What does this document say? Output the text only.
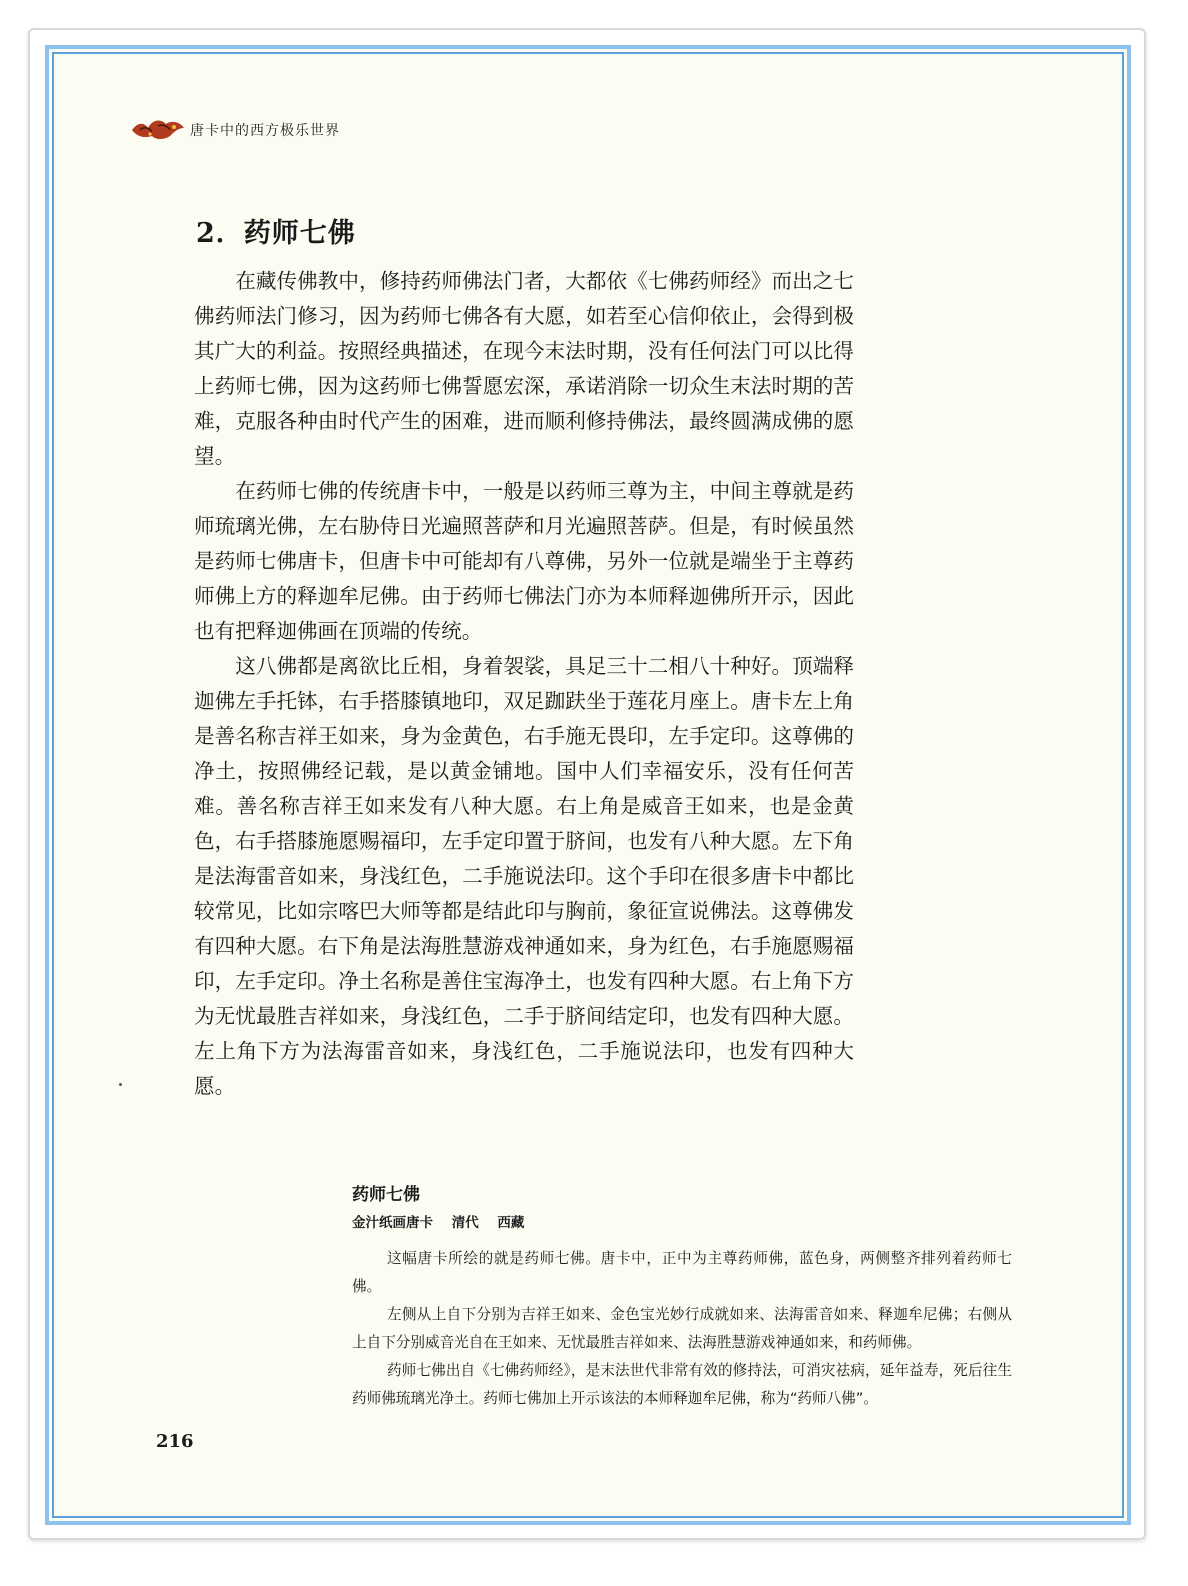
唐卡中的西方极乐世界
2．药师七佛

在藏传佛教中，修持药师佛法门者，大都依《七佛药师经》而出之七佛药师法门修习，因为药师七佛各有大愿，如若至心信仰依止，会得到极其广大的利益。按照经典描述，在现今末法时期，没有任何法门可以比得上药师七佛，因为这药师七佛誓愿宏深，承诺消除一切众生末法时期的苦难，克服各种由时代产生的困难，进而顺利修持佛法，最终圆满成佛的愿望。

在药师七佛的传统唐卡中，一般是以药师三尊为主，中间主尊就是药师琉璃光佛，左右胁侍日光遍照菩萨和月光遍照菩萨。但是，有时候虽然是药师七佛唐卡，但唐卡中可能却有八尊佛，另外一位就是端坐于主尊药师佛上方的释迦牟尼佛。由于药师七佛法门亦为本师释迦佛所开示，因此也有把释迦佛画在顶端的传统。

这八佛都是离欲比丘相，身着袈裟，具足三十二相八十种好。顶端释迦佛左手托钵，右手搭膝镇地印，双足跏趺坐于莲花月座上。唐卡左上角是善名称吉祥王如来，身为金黄色，右手施无畏印，左手定印。这尊佛的净土，按照佛经记载，是以黄金铺地。国中人们幸福安乐，没有任何苦难。善名称吉祥王如来发有八种大愿。右上角是威音王如来，也是金黄色，右手搭膝施愿赐福印，左手定印置于脐间，也发有八种大愿。左下角是法海雷音如来，身浅红色，二手施说法印。这个手印在很多唐卡中都比较常见，比如宗喀巴大师等都是结此印与胸前，象征宣说佛法。这尊佛发有四种大愿。右下角是法海胜慧游戏神通如来，身为红色，右手施愿赐福印，左手定印。净土名称是善住宝海净土，也发有四种大愿。右上角下方为无忧最胜吉祥如来，身浅红色，二手于脐间结定印，也发有四种大愿。左上角下方为法海雷音如来，身浅红色，二手施说法印，也发有四种大愿。

药师七佛
金汁纸画唐卡 清代 西藏

这幅唐卡所绘的就是药师七佛。唐卡中，正中为主尊药师佛，蓝色身，两侧整齐排列着药师七佛。

左侧从上自下分别为吉祥王如来、金色宝光妙行成就如来、法海雷音如来、释迦牟尼佛；右侧从上自下分别威音光自在王如来、无忧最胜吉祥如来、法海胜慧游戏神通如来，和药师佛。

药师七佛出自《七佛药师经》，是末法世代非常有效的修持法，可消灾祛病，延年益寿，死后往生药师佛琉璃光净土。药师七佛加上开示该法的本师释迦牟尼佛，称为“药师八佛”。

216
